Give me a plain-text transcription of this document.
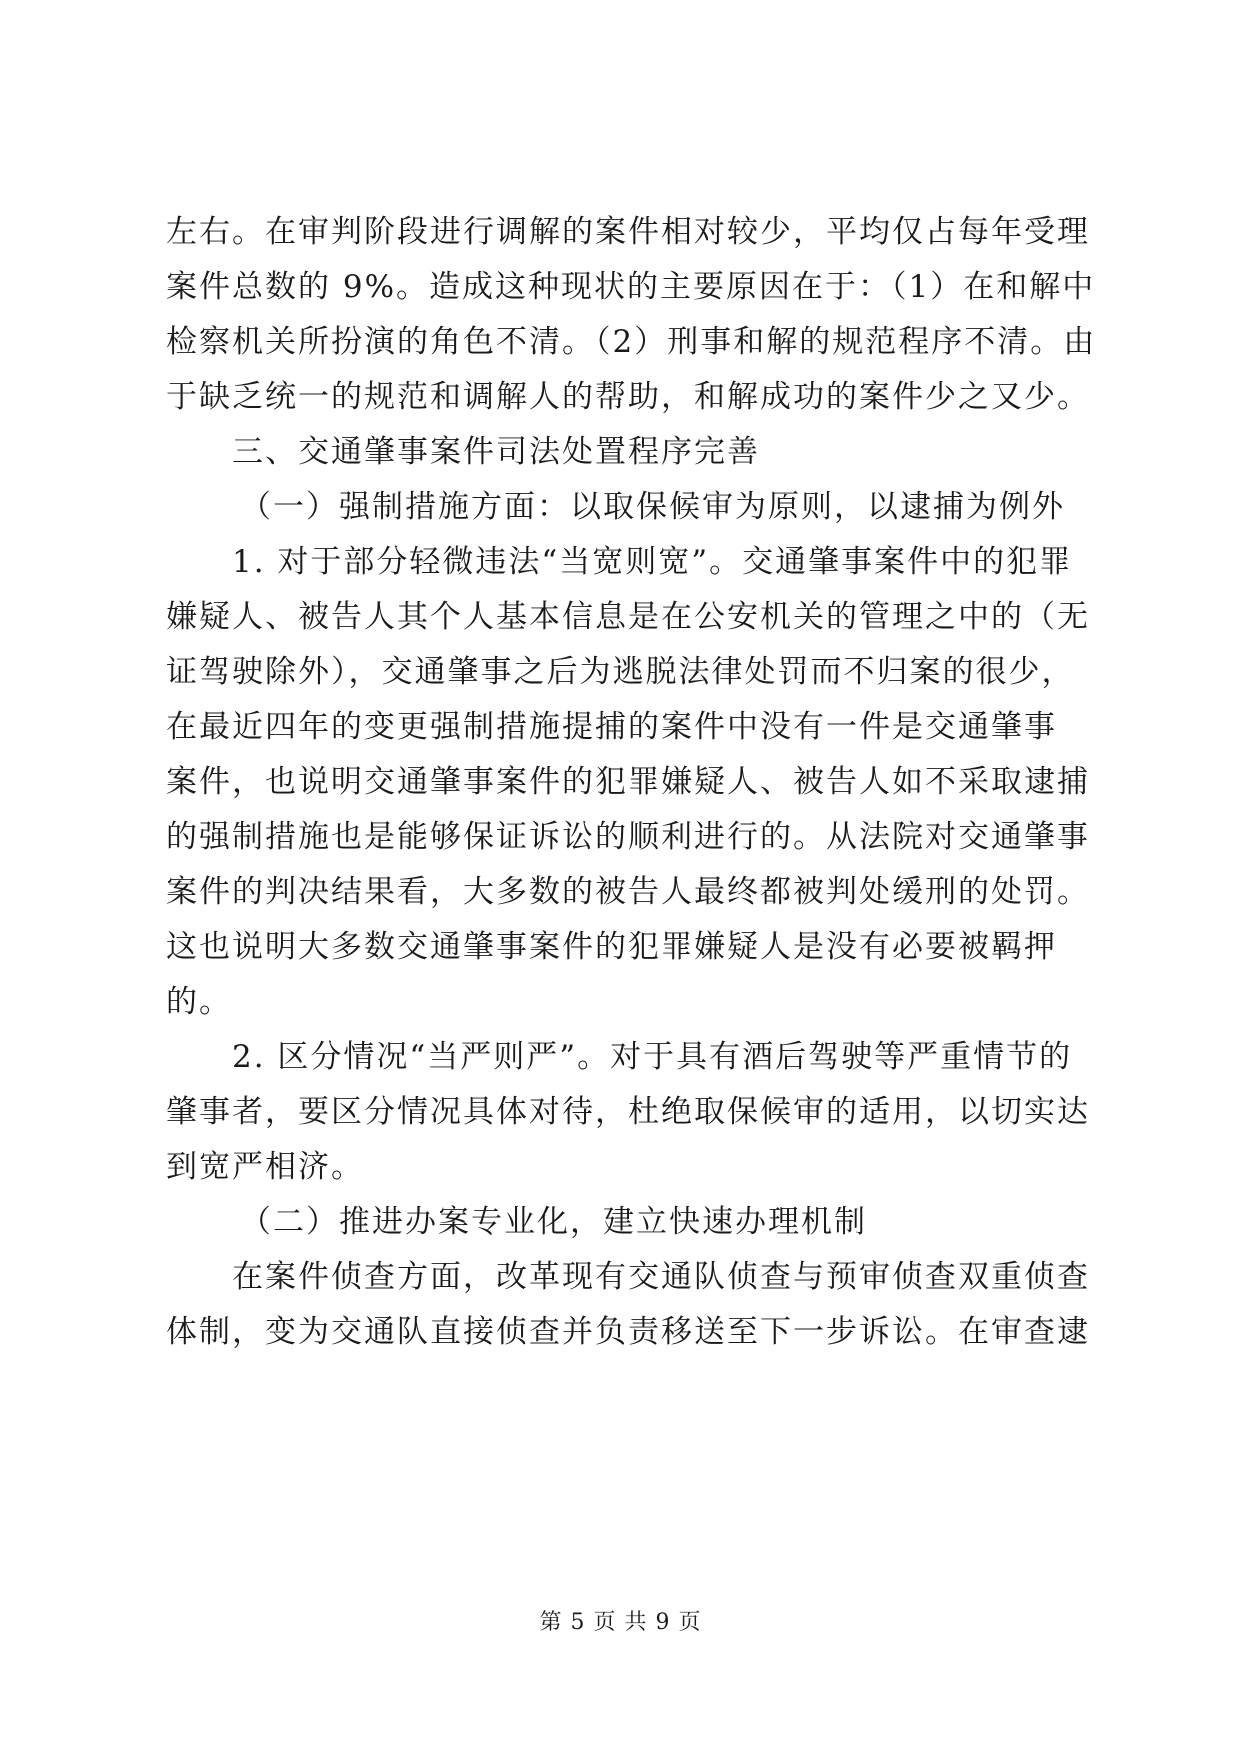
左右。在审判阶段进行调解的案件相对较少，平均仅占每年受理
案件总数的 9%。造成这种现状的主要原因在于：（1）在和解中
检察机关所扮演的角色不清。（2）刑事和解的规范程序不清。由
于缺乏统一的规范和调解人的帮助，和解成功的案件少之又少。
三、交通肇事案件司法处置程序完善
（一）强制措施方面：以取保候审为原则，以逮捕为例外
1. 对于部分轻微违法“当宽则宽”。交通肇事案件中的犯罪
嫌疑人、被告人其个人基本信息是在公安机关的管理之中的（无
证驾驶除外），交通肇事之后为逃脱法律处罚而不归案的很少，
在最近四年的变更强制措施提捕的案件中没有一件是交通肇事
案件，也说明交通肇事案件的犯罪嫌疑人、被告人如不采取逮捕
的强制措施也是能够保证诉讼的顺利进行的。从法院对交通肇事
案件的判决结果看，大多数的被告人最终都被判处缓刑的处罚。
这也说明大多数交通肇事案件的犯罪嫌疑人是没有必要被羁押
的。
2. 区分情况“当严则严”。对于具有酒后驾驶等严重情节的
肇事者，要区分情况具体对待，杜绝取保候审的适用，以切实达
到宽严相济。
（二）推进办案专业化，建立快速办理机制
在案件侦查方面，改革现有交通队侦查与预审侦查双重侦查
体制，变为交通队直接侦查并负责移送至下一步诉讼。在审查逮
第 5 页 共 9 页
